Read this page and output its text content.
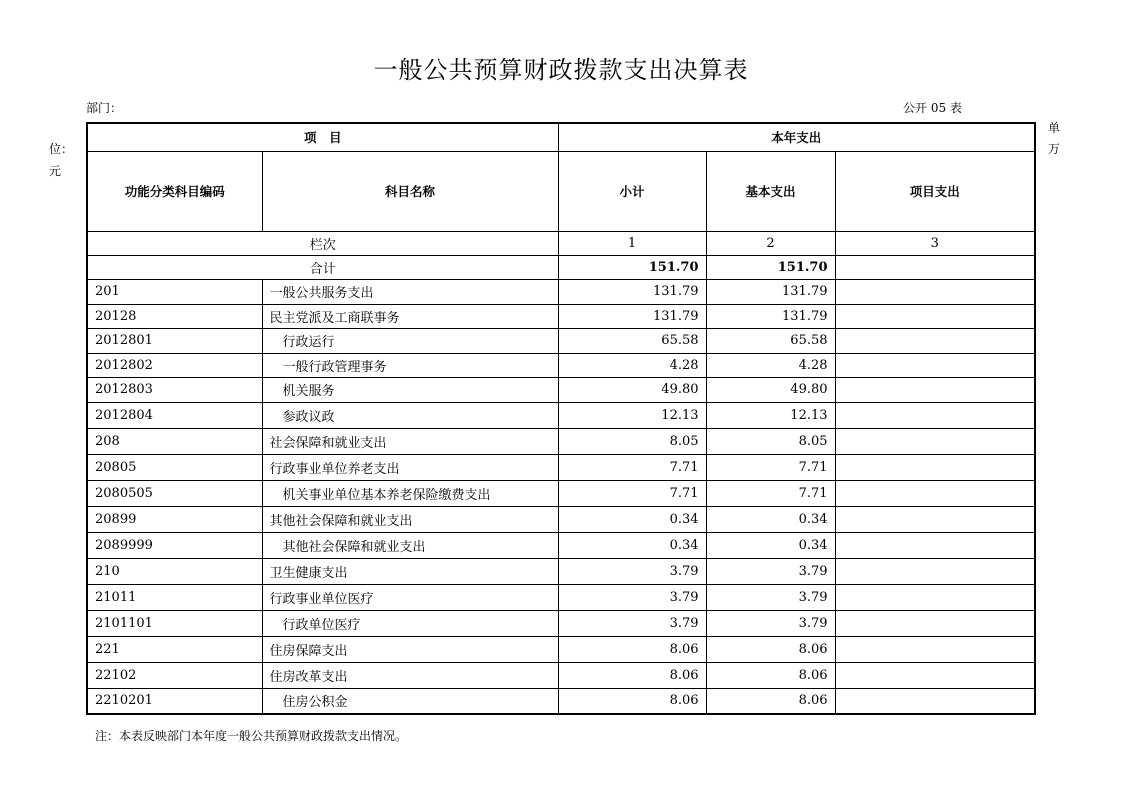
一般公共预算财政拨款支出决算表
部门：	公开 05 表
单万
位：元
项　目		本年支出		
功能分类科目编码	科目名称	小计	基本支出	项目支出
栏次		1	2	3
合计		151.70	151.70	
201	一般公共服务支出	131.79	131.79	
20128	民主党派及工商联事务	131.79	131.79	
2012801	行政运行	65.58	65.58	
2012802	一般行政管理事务	4.28	4.28	
2012803	机关服务	49.80	49.80	
2012804	参政议政	12.13	12.13	
208	社会保障和就业支出	8.05	8.05	
20805	行政事业单位养老支出	7.71	7.71	
2080505	机关事业单位基本养老保险缴费支出	7.71	7.71	
20899	其他社会保障和就业支出	0.34	0.34	
2089999	其他社会保障和就业支出	0.34	0.34	
210	卫生健康支出	3.79	3.79	
21011	行政事业单位医疗	3.79	3.79	
2101101	行政单位医疗	3.79	3.79	
221	住房保障支出	8.06	8.06	
22102	住房改革支出	8.06	8.06	
2210201	住房公积金	8.06	8.06	
注：本表反映部门本年度一般公共预算财政拨款支出情况。
